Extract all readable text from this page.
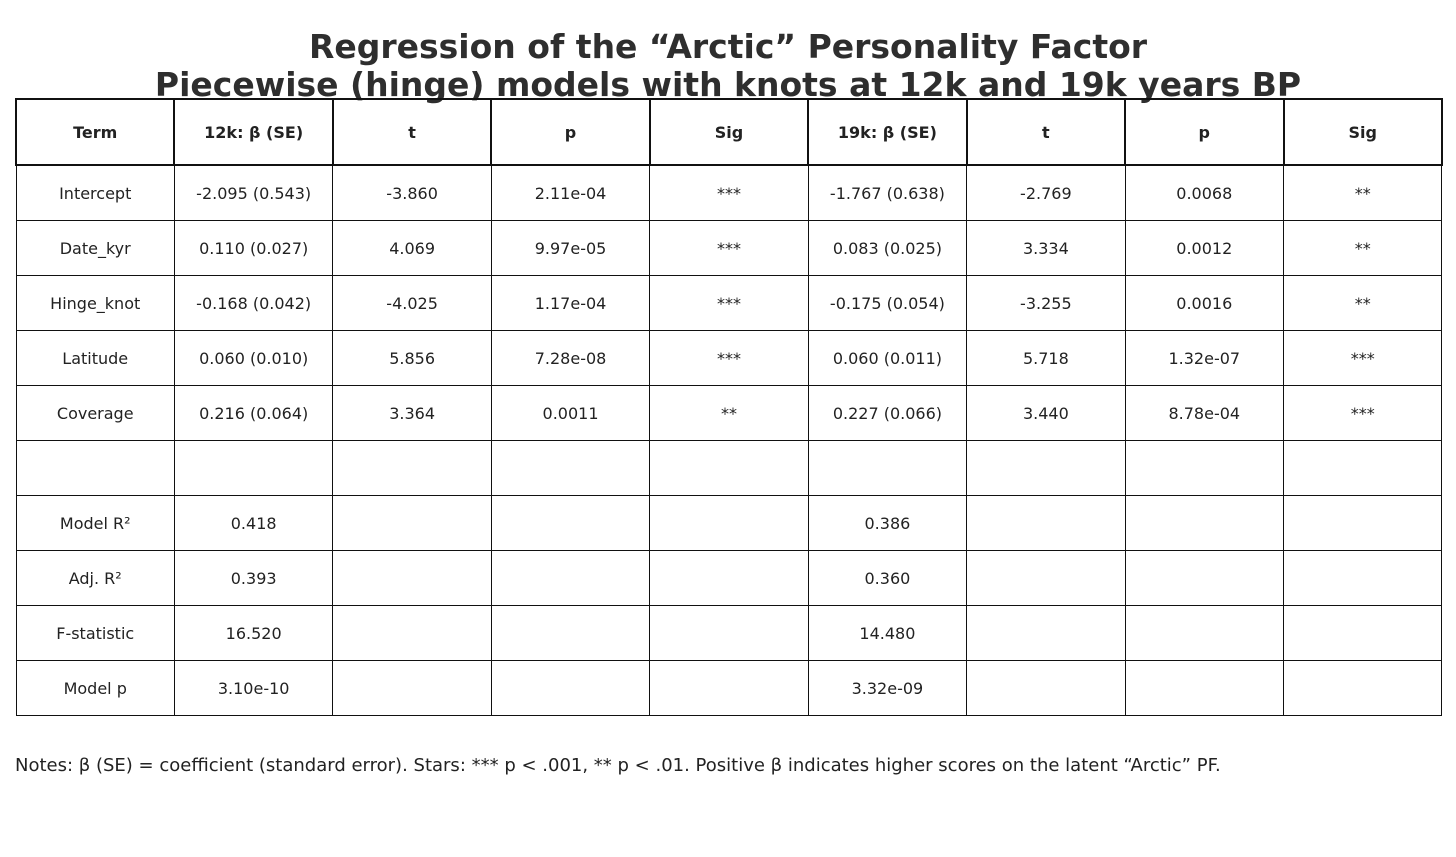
Regression of the “Arctic” Personality Factor
Piecewise (hinge) models with knots at 12k and 19k years BP
Term	12k: β (SE)	t	p	Sig	19k: β (SE)	t	p	Sig
Intercept	-2.095 (0.543)	-3.860	2.11e-04	***	-1.767 (0.638)	-2.769	0.0068	**
Date_kyr	0.110 (0.027)	4.069	9.97e-05	***	0.083 (0.025)	3.334	0.0012	**
Hinge_knot	-0.168 (0.042)	-4.025	1.17e-04	***	-0.175 (0.054)	-3.255	0.0016	**
Latitude	0.060 (0.010)	5.856	7.28e-08	***	0.060 (0.011)	5.718	1.32e-07	***
Coverage	0.216 (0.064)	3.364	0.0011	**	0.227 (0.066)	3.440	8.78e-04	***

Model R²	0.418				0.386			
Adj. R²	0.393				0.360			
F-statistic	16.520				14.480			
Model p	3.10e-10				3.32e-09			
Notes: β (SE) = coefficient (standard error). Stars: *** p < .001, ** p < .01. Positive β indicates higher scores on the latent “Arctic” PF.
